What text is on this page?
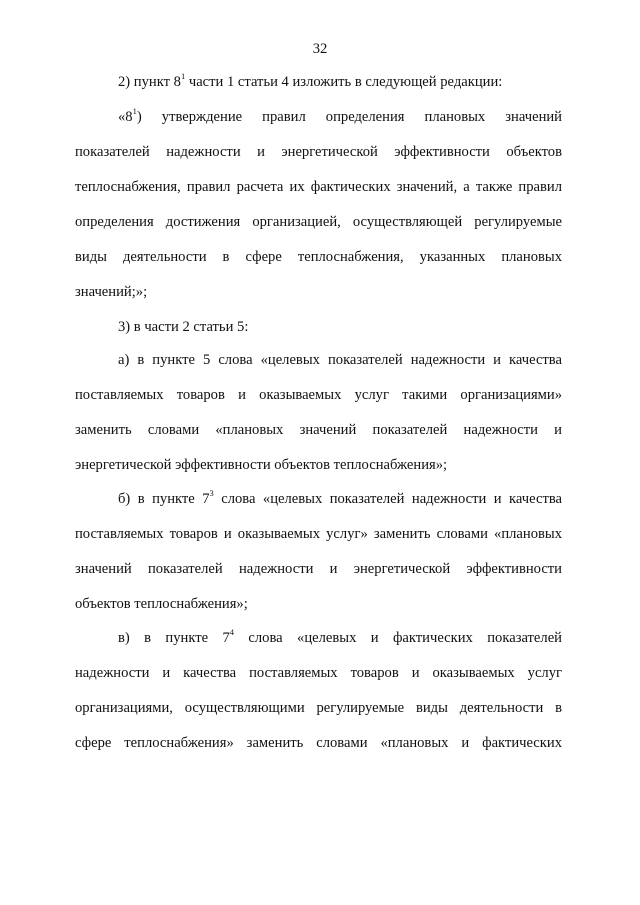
32
2) пункт $8^1$ части 1 статьи 4 изложить в следующей редакции:
«$8^1$) утверждение правил определения плановых значений
показателей надежности и энергетической эффективности объектов
теплоснабжения, правил расчета их фактических значений, а также правил
определения достижения организацией, осуществляющей регулируемые
виды деятельности в сфере теплоснабжения, указанных плановых
значений;»;
3) в части 2 статьи 5:
а) в пункте 5 слова «целевых показателей надежности и качества
поставляемых товаров и оказываемых услуг такими организациями»
заменить словами «плановых значений показателей надежности и
энергетической эффективности объектов теплоснабжения»;
б) в пункте $7^3$ слова «целевых показателей надежности и качества
поставляемых товаров и оказываемых услуг» заменить словами «плановых
значений показателей надежности и энергетической эффективности
объектов теплоснабжения»;
в) в пункте $7^4$ слова «целевых и фактических показателей
надежности и качества поставляемых товаров и оказываемых услуг
организациями, осуществляющими регулируемые виды деятельности в
сфере теплоснабжения» заменить словами «плановых и фактических
